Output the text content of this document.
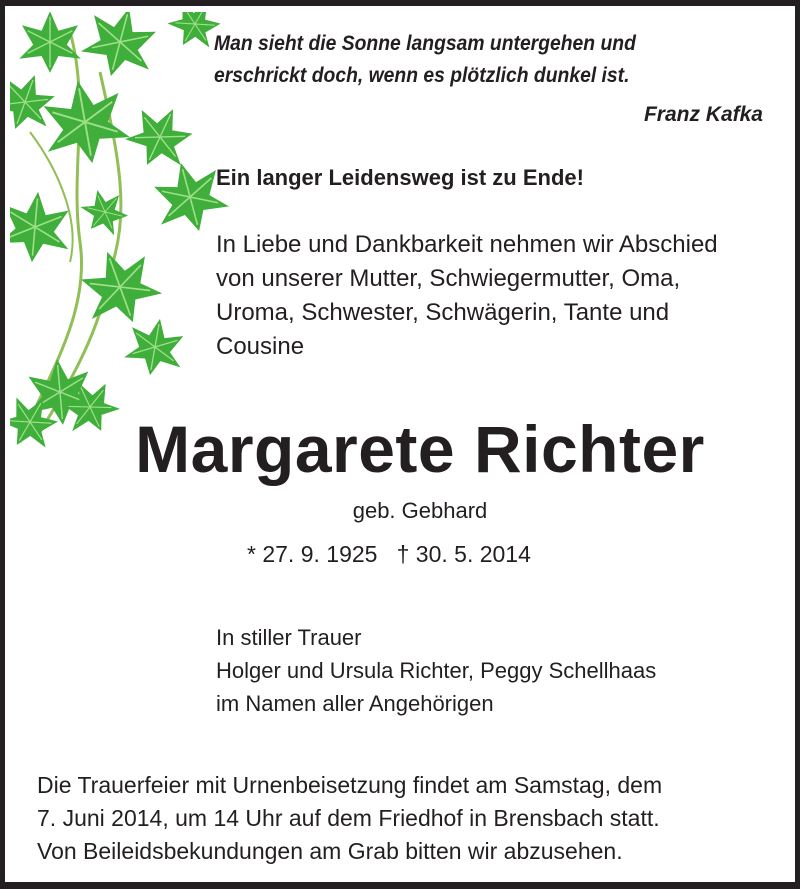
Man sieht die Sonne langsam untergehen und
erschrickt doch, wenn es plötzlich dunkel ist.
Franz Kafka
Ein langer Leidensweg ist zu Ende!
In Liebe und Dankbarkeit nehmen wir Abschied
von unserer Mutter, Schwiegermutter, Oma,
Uroma, Schwester, Schwägerin, Tante und
Cousine
Margarete Richter
geb. Gebhard
* 27. 9. 1925   † 30. 5. 2014
In stiller Trauer
Holger und Ursula Richter, Peggy Schellhaas
im Namen aller Angehörigen
Die Trauerfeier mit Urnenbeisetzung findet am Samstag, dem
7. Juni 2014, um 14 Uhr auf dem Friedhof in Brensbach statt.
Von Beileidsbekundungen am Grab bitten wir abzusehen.
